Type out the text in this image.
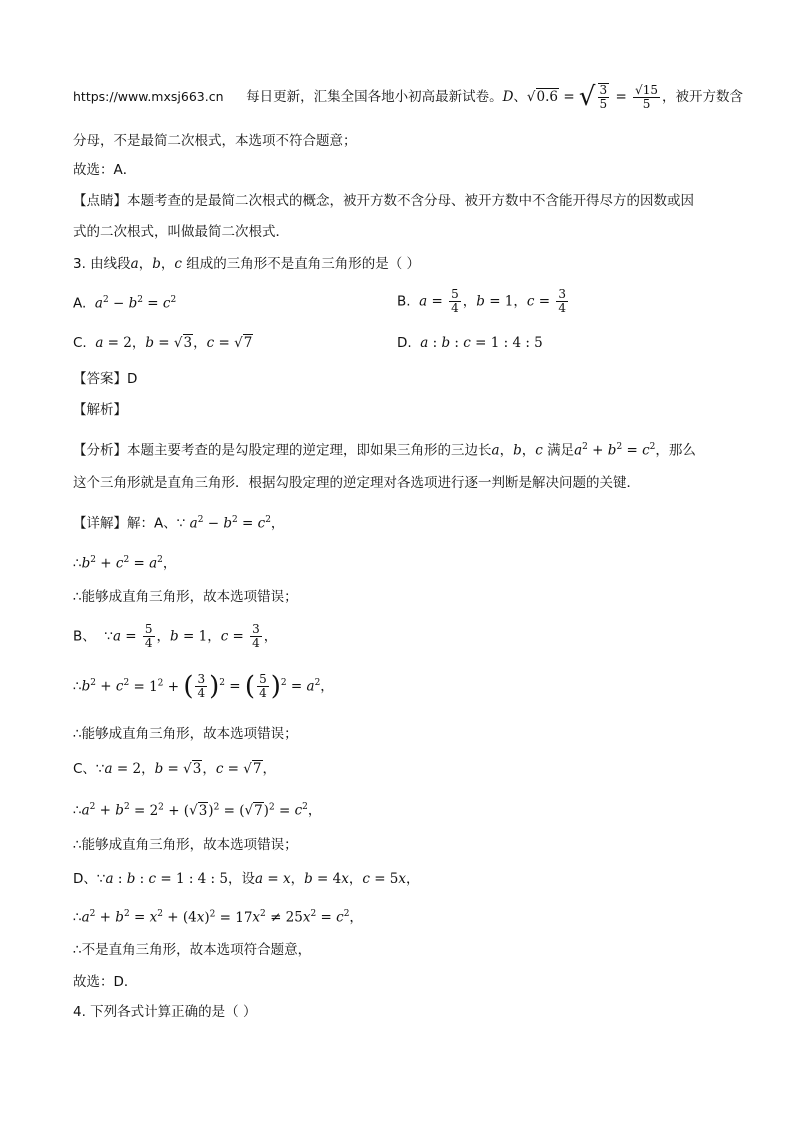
https://www.mxsj663.cn 每日更新，汇集全国各地小初高最新试卷。D、√0.6 = √ $\frac{3}{5} = \frac{√15}{5}$ ，被开方数含
分母，不是最简二次根式，本选项不符合题意；
故选：A．
【点睛】本题考查的是最简二次根式的概念，被开方数不含分母、被开方数中不含能开得尽方的因数或因
式的二次根式，叫做最简二次根式．
3. 由线段a，b，c 组成的三角形不是直角三角形的是（ ）
A.  $a^2 - b^2 = c^2$	B.  $a = \frac{5}{4}$ ，b = 1，$c = \frac{3}{4}$
C.  a = 2，b = √3，c = √7	D.  a : b : c = 1 : 4 : 5
【答案】D
【解析】
【分析】本题主要考查的是勾股定理的逆定理，即如果三角形的三边长a，b，c 满足$a^2 + b^2 = c^2$，那么
这个三角形就是直角三角形．根据勾股定理的逆定理对各选项进行逐一判断是解决问题的关键．
【详解】解：A、∵ $a^2 - b^2 = c^2$，
$\therefore b^2 + c^2 = a^2$，
∴能够成直角三角形，故本选项错误；
B、  ∵a = $\frac{5}{4}$ ，b = 1，$c = \frac{3}{4}$ ，
$\therefore b^2 + c^2 = 1^2$ + ( $\frac{3}{4} )^2$ = ( $\frac{5}{4} )^2 = a^2$，
∴能够成直角三角形，故本选项错误；
C、∵a = 2，b = √3，c = √7，
$\therefore a^2 + b^2 = 2^2 + (√3)^2 = (√7)^2 = c^2$，
∴能够成直角三角形，故本选项错误；
D、∵a : b : c = 1 : 4 : 5，设a = x，b = 4x，c = 5x，
$\therefore a^2 + b^2 = x^2 + (4x)^2 = 17x^2 \ne 25x^2 = c^2$，
∴不是直角三角形，故本选项符合题意，
故选：D．
4. 下列各式计算正确的是（ ）
